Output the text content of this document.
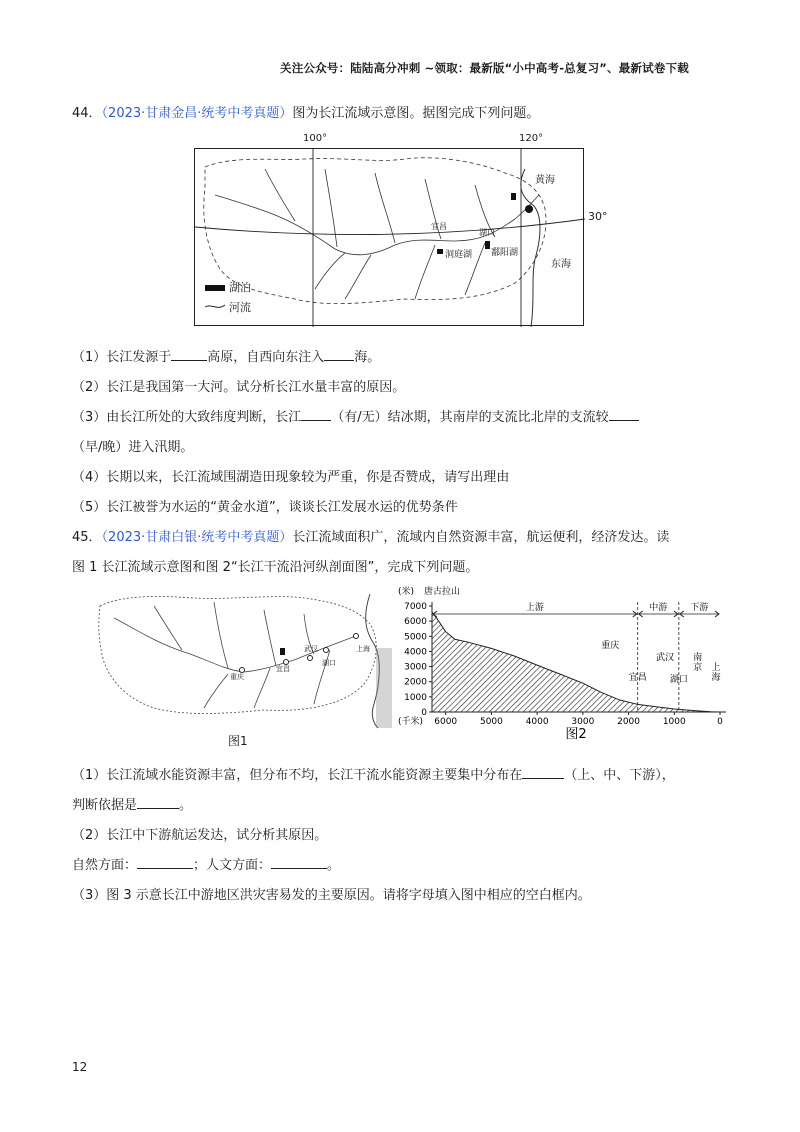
关注公众号：陆陆高分冲刺 ~领取：最新版“小中高考-总复习”、最新试卷下载
44．（2023·甘肃金昌·统考中考真题）图为长江流域示意图。据图完成下列问题。
100°	120°
黄海
东海
宜昌
湖口
洞庭湖 鄱阳湖
湖泊
河流
30°
（1）长江发源于	高原，自西向东注入 海。
（2）长江是我国第一大河。试分析长江水量丰富的原因。
（3）由长江所处的大致纬度判断，长江 （有/无）结冰期，其南岸的支流比北岸的支流较
（早/晚）进入汛期。
（4）长期以来，长江流域围湖造田现象较为严重，你是否赞成，请写出理由
（5）长江被誉为水运的“黄金水道”，谈谈长江发展水运的优势条件
45．（2023·甘肃白银·统考中考真题）长江流域面积广，流域内自然资源丰富，航运便利，经济发达。读
图 1 长江流域示意图和图 2“长江干流沿河纵剖面图”，完成下列问题。
重庆
宜昌
武汉
湖口
上海
图1
7000
6000
5000
4000
3000
2000
1000
0
6000	5000	4000	3000	2000	1000	0
(米)
(千米)
唐古拉山
图2
上游	中游	下游
重庆
宜昌
武汉
湖口
南
京 上
海
（1）长江流域水能资源丰富，但分布不均，长江干流水能资源主要集中分布在	（上、中、下游），
判断依据是	。
（2）长江中下游航运发达，试分析其原因。
自然方面：	；人文方面：	。
（3）图 3 示意长江中游地区洪灾害易发的主要原因。请将字母填入图中相应的空白框内。
12
